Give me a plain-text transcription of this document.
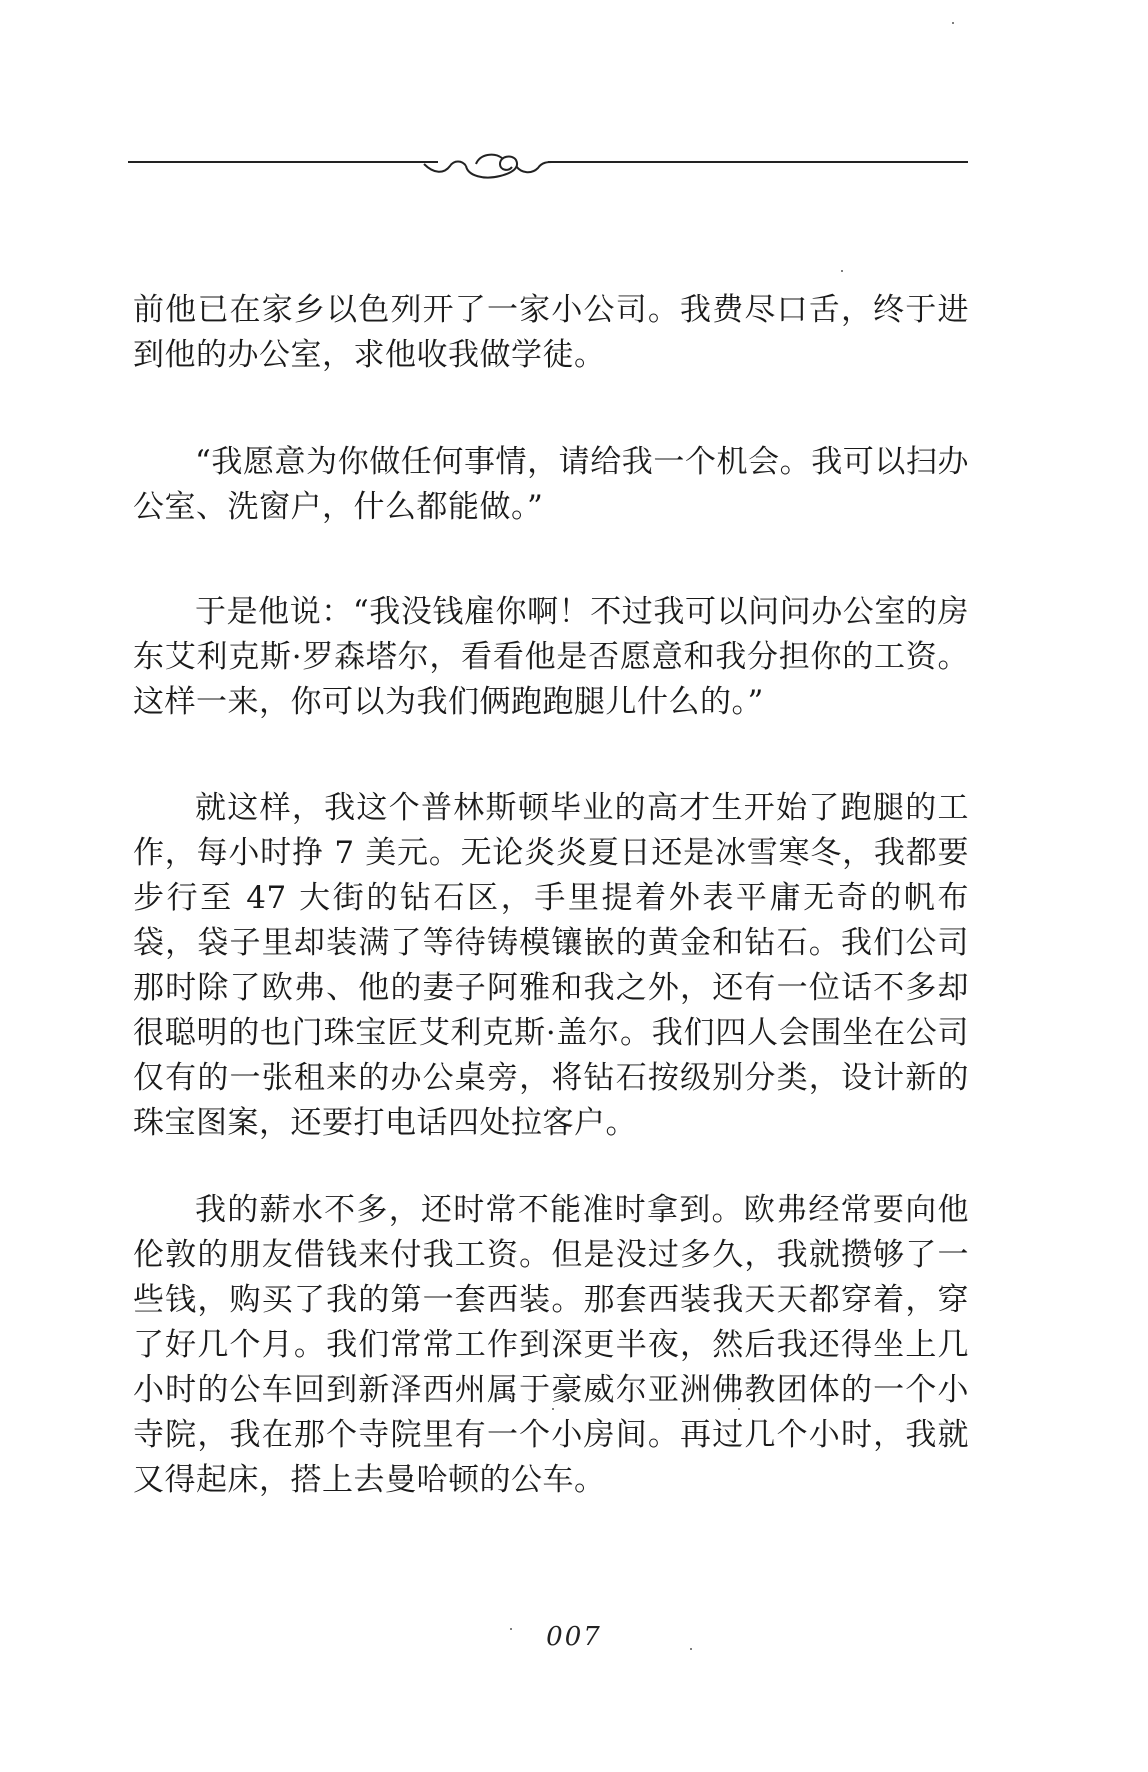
前他已在家乡以色列开了一家小公司。我费尽口舌，终于进到他的办公室，求他收我做学徒。

“我愿意为你做任何事情，请给我一个机会。我可以扫办公室、洗窗户，什么都能做。”

于是他说：“我没钱雇你啊！不过我可以问问办公室的房东艾利克斯·罗森塔尔，看看他是否愿意和我分担你的工资。这样一来，你可以为我们俩跑跑腿儿什么的。”

就这样，我这个普林斯顿毕业的高才生开始了跑腿的工作，每小时挣 7 美元。无论炎炎夏日还是冰雪寒冬，我都要步行至 47 大街的钻石区，手里提着外表平庸无奇的帆布袋，袋子里却装满了等待铸模镶嵌的黄金和钻石。我们公司那时除了欧弗、他的妻子阿雅和我之外，还有一位话不多却很聪明的也门珠宝匠艾利克斯·盖尔。我们四人会围坐在公司仅有的一张租来的办公桌旁，将钻石按级别分类，设计新的珠宝图案，还要打电话四处拉客户。

我的薪水不多，还时常不能准时拿到。欧弗经常要向他伦敦的朋友借钱来付我工资。但是没过多久，我就攒够了一些钱，购买了我的第一套西装。那套西装我天天都穿着，穿了好几个月。我们常常工作到深更半夜，然后我还得坐上几小时的公车回到新泽西州属于豪威尔亚洲佛教团体的一个小寺院，我在那个寺院里有一个小房间。再过几个小时，我就又得起床，搭上去曼哈顿的公车。

007
